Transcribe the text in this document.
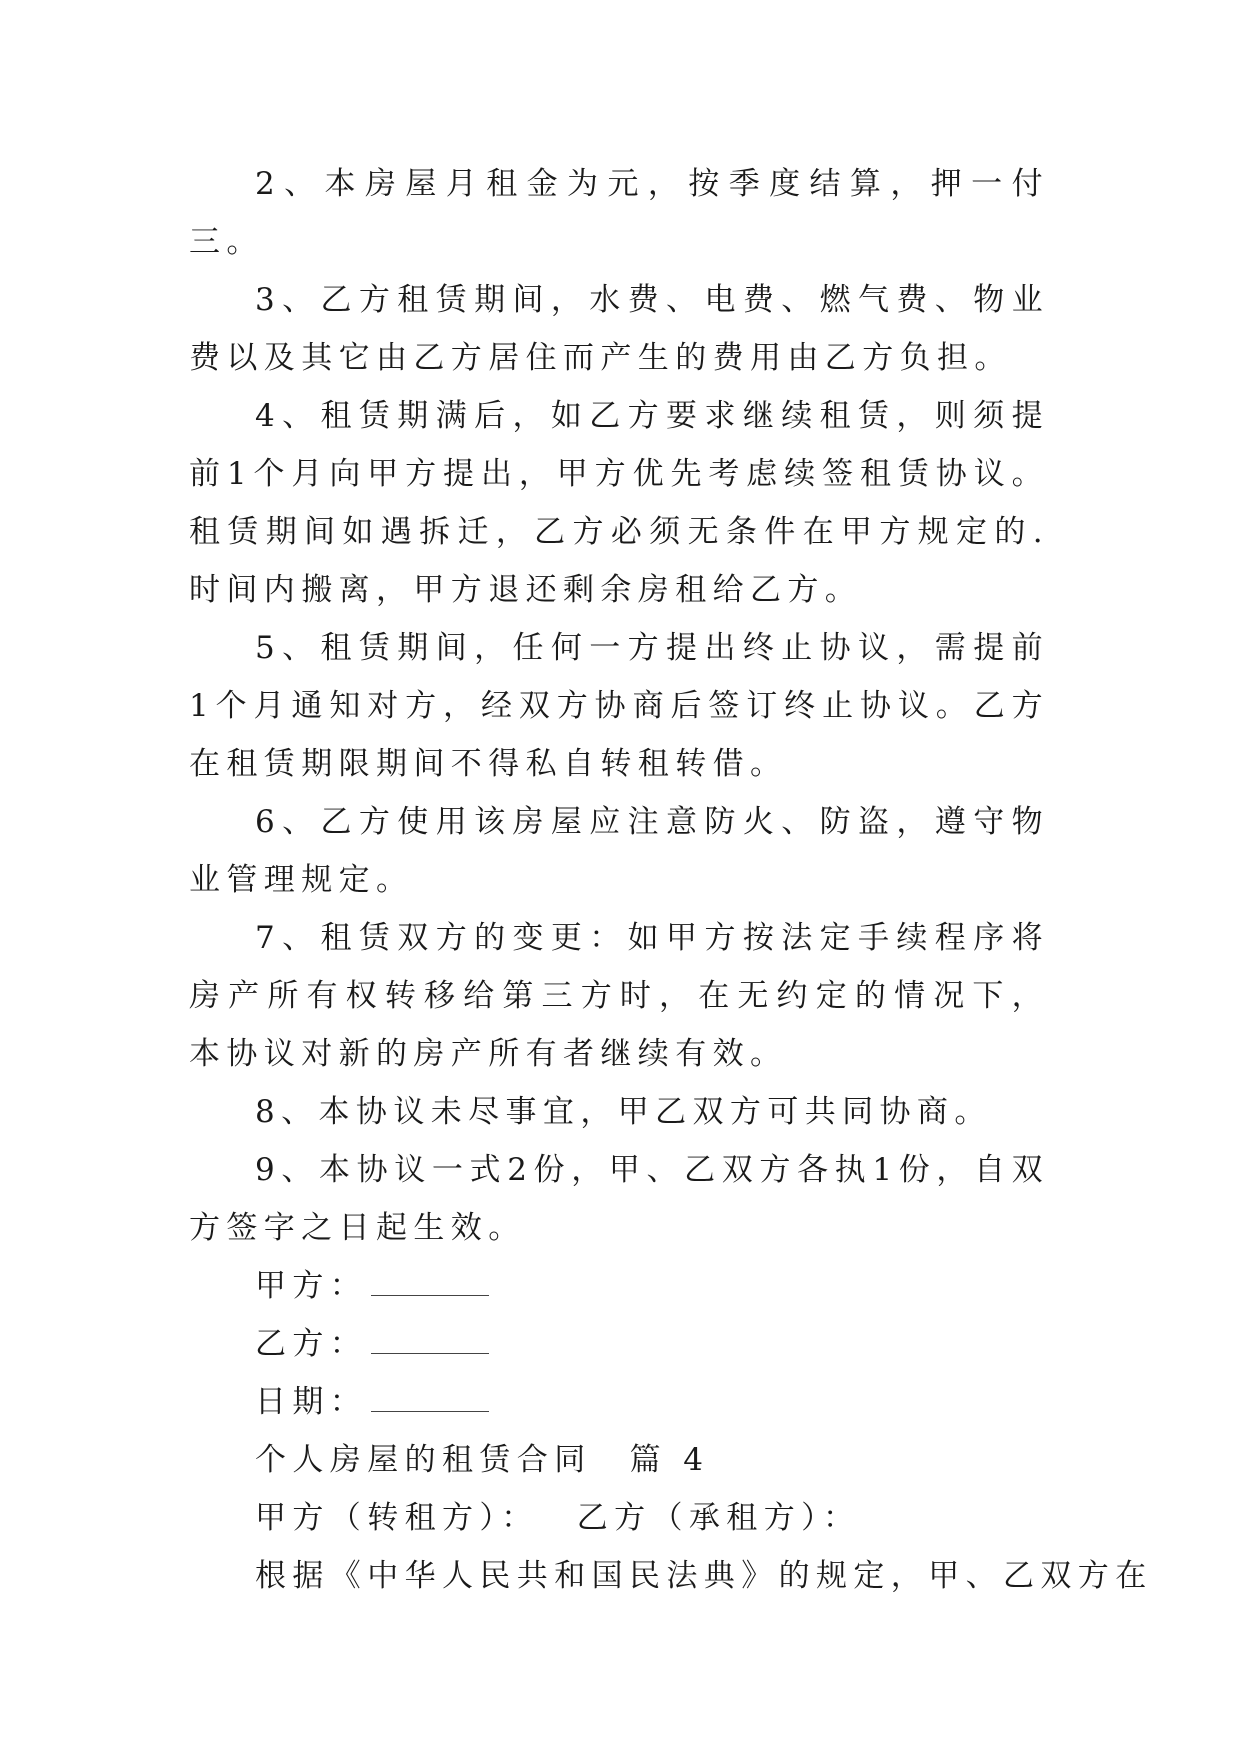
2、本房屋月租金为元，按季度结算，押一付三。

3、乙方租赁期间，水费、电费、燃气费、物业费以及其它由乙方居住而产生的费用由乙方负担。

4、租赁期满后，如乙方要求继续租赁，则须提前1个月向甲方提出，甲方优先考虑续签租赁协议。租赁期间如遇拆迁，乙方必须无条件在甲方规定的.时间内搬离，甲方退还剩余房租给乙方。

5、租赁期间，任何一方提出终止协议，需提前1个月通知对方，经双方协商后签订终止协议。乙方在租赁期限期间不得私自转租转借。

6、乙方使用该房屋应注意防火、防盗，遵守物业管理规定。

7、租赁双方的变更：如甲方按法定手续程序将房产所有权转移给第三方时，在无约定的情况下，本协议对新的房产所有者继续有效。

8、本协议未尽事宜，甲乙双方可共同协商。

9、本协议一式2份，甲、乙双方各执1份，自双方签字之日起生效。

甲方：

乙方：

日期：

个人房屋的租赁合同 篇 4

甲方（转租方）： 乙方（承租方）：

根据《中华人民共和国民法典》的规定，甲、乙双方在
